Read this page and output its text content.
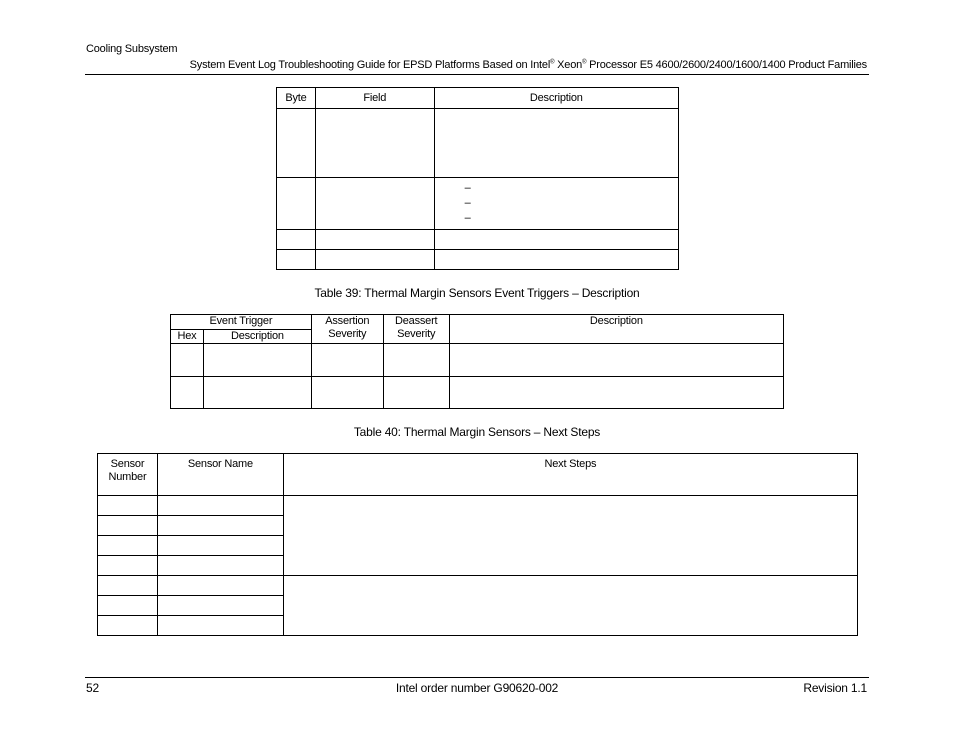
Cooling Subsystem
System Event Log Troubleshooting Guide for EPSD Platforms Based on Intel® Xeon® Processor E5 4600/2600/2400/1600/1400 Product Families
Byte	Field	Description

		–
–
–

Table 39: Thermal Margin Sensors Event Triggers – Description
Event Trigger		Assertion Severity	Deassert Severity	Description
Hex	Description			

Table 40: Thermal Margin Sensors – Next Steps
Sensor Number	Sensor Name	Next Steps

52	Intel order number G90620-002	Revision 1.1
